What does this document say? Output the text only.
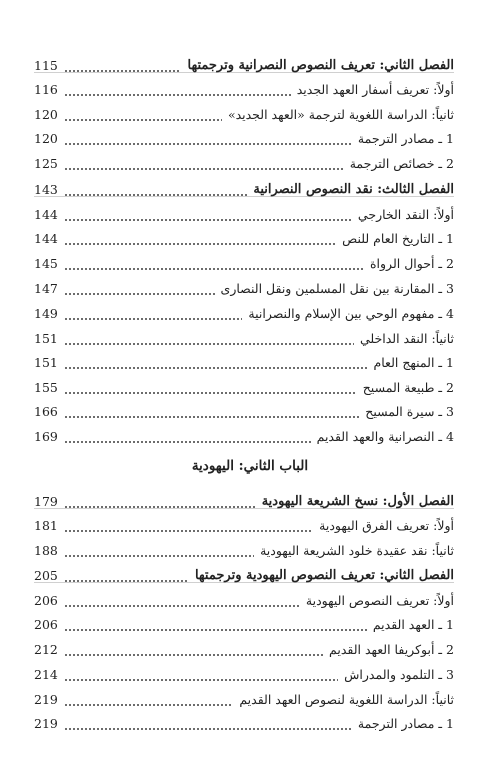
الفصل الثاني: تعريف النصوص النصرانية وترجمتها
115
أولاً: تعريف أسفار العهد الجديد
116
ثانياً: الدراسة اللغوية لترجمة «العهد الجديد»
120
1 ـ مصادر الترجمة
120
2 ـ خصائص الترجمة
125
الفصل الثالث: نقد النصوص النصرانية
143
أولاً: النقد الخارجي
144
1 ـ التاريخ العام للنص
144
2 ـ أحوال الرواة
145
3 ـ المقارنة بين نقل المسلمين ونقل النصارى
147
4 ـ مفهوم الوحي بين الإسلام والنصرانية
149
ثانياً: النقد الداخلي
151
1 ـ المنهج العام
151
2 ـ طبيعة المسيح
155
3 ـ سيرة المسيح
166
4 ـ النصرانية والعهد القديم
169
الباب الثاني: اليهودية
الفصل الأول: نسخ الشريعة اليهودية
179
أولاً: تعريف الفرق اليهودية
181
ثانياً: نقد عقيدة خلود الشريعة اليهودية
188
الفصل الثاني: تعريف النصوص اليهودية وترجمتها
205
أولاً: تعريف النصوص اليهودية
206
1 ـ العهد القديم
206
2 ـ أبوكريفا العهد القديم
212
3 ـ التلمود والمدراش
214
ثانياً: الدراسة اللغوية لنصوص العهد القديم
219
1 ـ مصادر الترجمة
219
